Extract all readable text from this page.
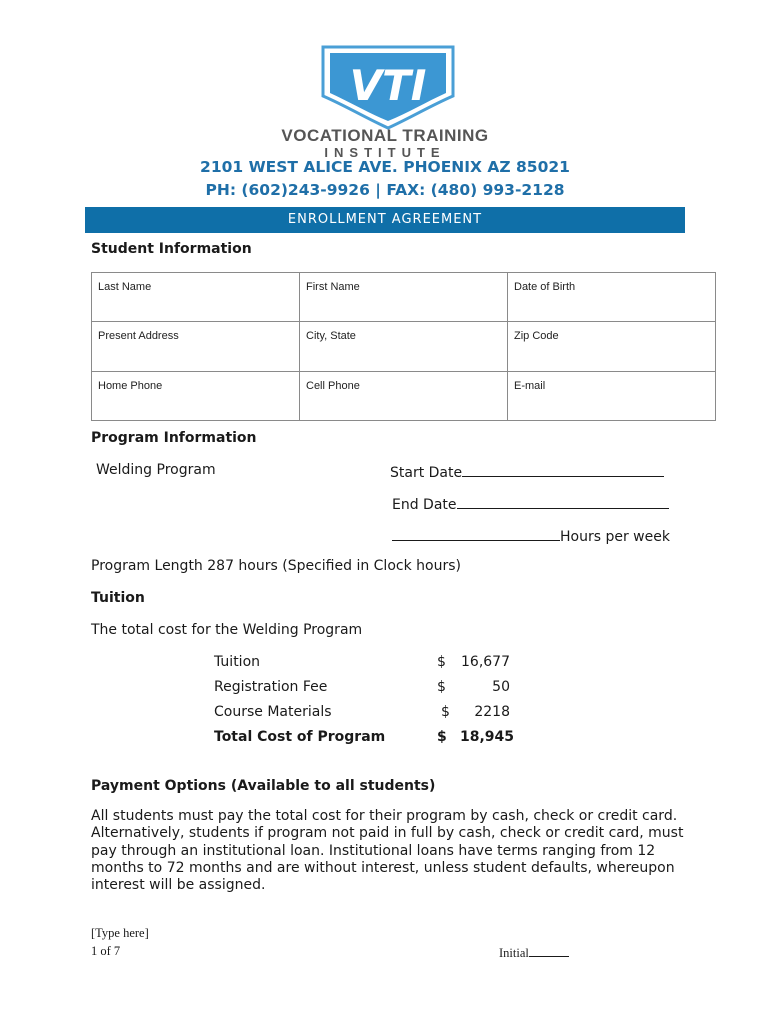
VTI
VOCATIONAL TRAINING
INSTITUTE
2101 WEST ALICE AVE. PHOENIX AZ 85021
PH: (602)243-9926 | FAX: (480) 993-2128
ENROLLMENT AGREEMENT
Student Information
Last Name	First Name	Date of Birth
Present Address	City, State	Zip Code
Home Phone	Cell Phone	E-mail
Program Information
Welding Program	Start Date
End Date
Hours per week
Program Length 287 hours (Specified in Clock hours)
Tuition
The total cost for the Welding Program
Tuition	$	16,677
Registration Fee	$	50
Course Materials	$	2218
Total Cost of Program	$ 18,945
Payment Options (Available to all students)
All students must pay the total cost for their program by cash, check or credit card. Alternatively, students if program not paid in full by cash, check or credit card, must pay through an institutional loan. Institutional loans have terms ranging from 12 months to 72 months and are without interest, unless student defaults, whereupon interest will be assigned.
[Type here]
1 of 7	Initial
